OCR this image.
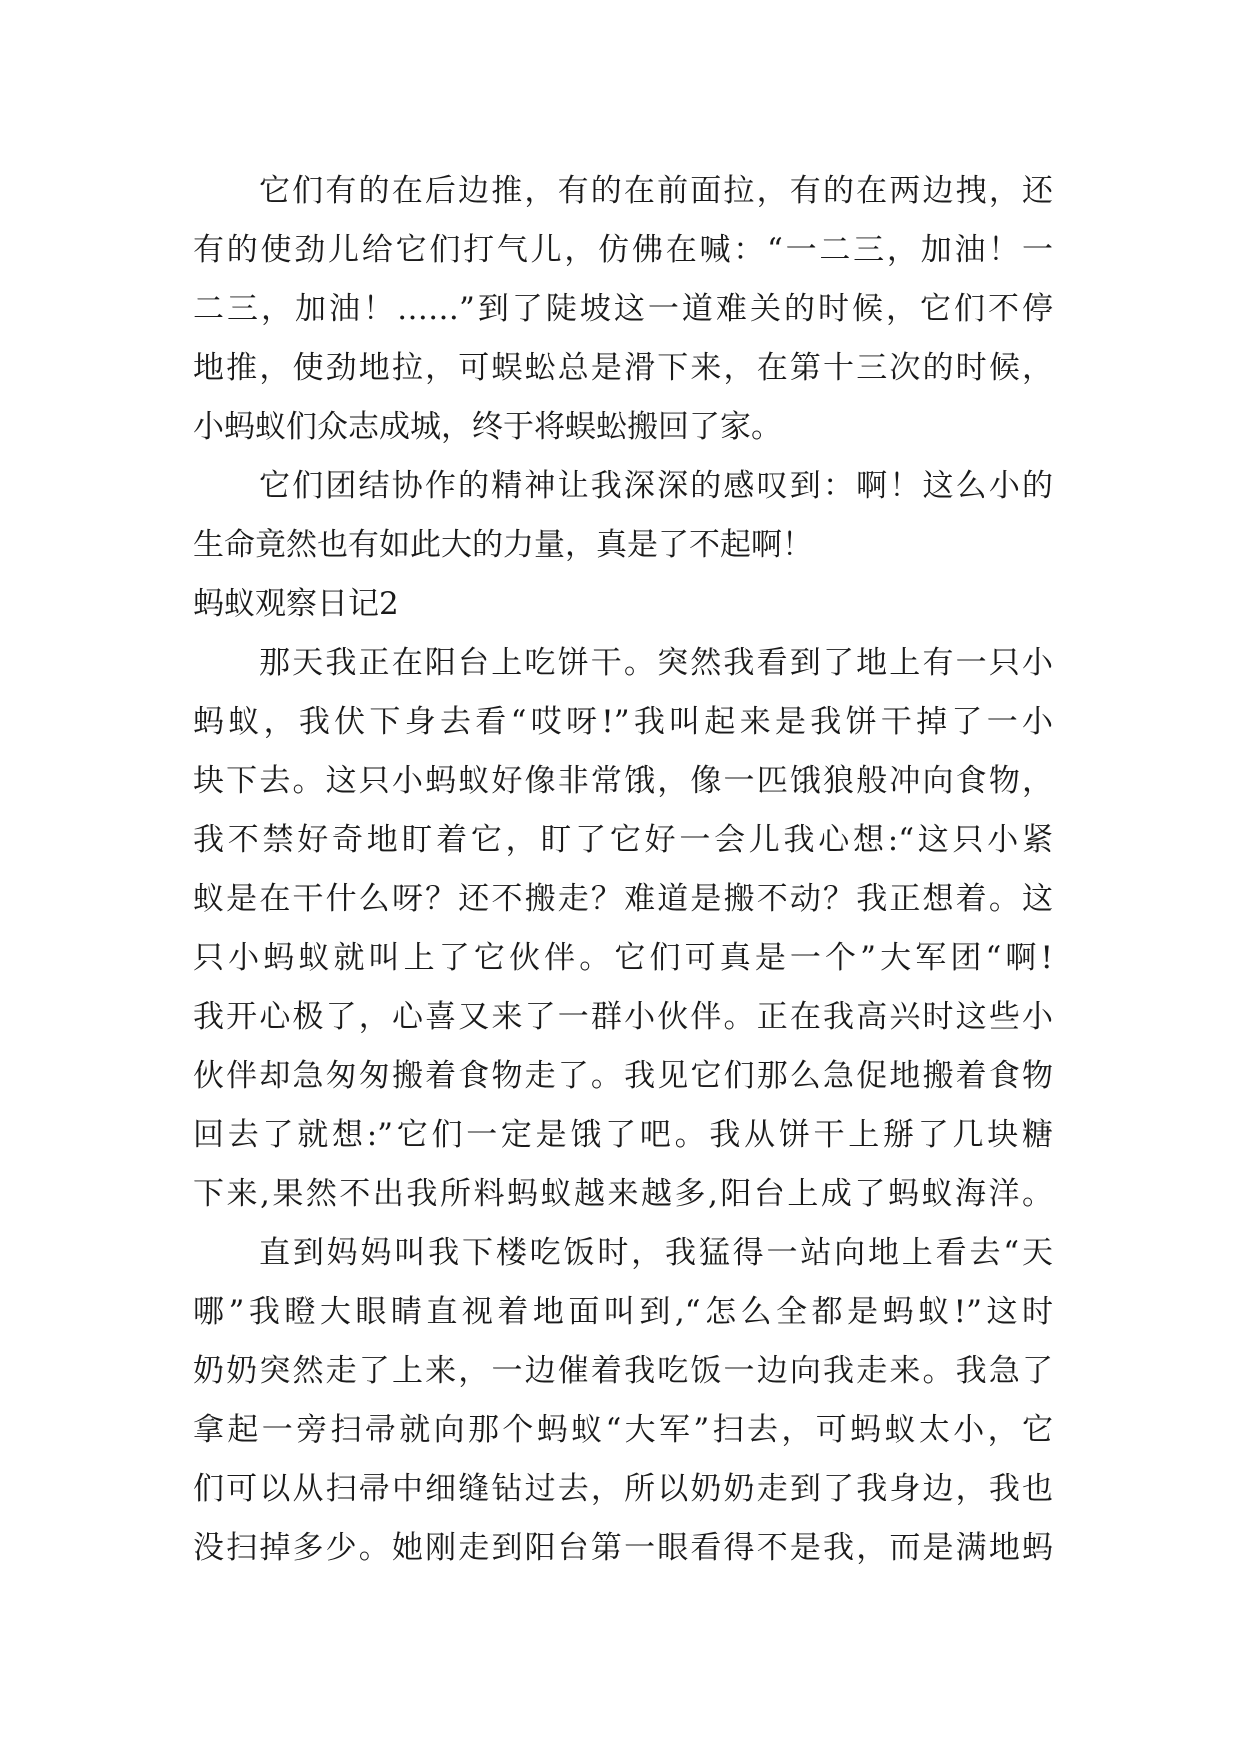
它们有的在后边推，有的在前面拉，有的在两边拽，还
有的使劲儿给它们打气儿，仿佛在喊：“一二三，加油！一
二三，加油！……”到了陡坡这一道难关的时候，它们不停
地推，使劲地拉，可蜈蚣总是滑下来，在第十三次的时候，
小蚂蚁们众志成城，终于将蜈蚣搬回了家。
它们团结协作的精神让我深深的感叹到：啊！这么小的
生命竟然也有如此大的力量，真是了不起啊！
蚂蚁观察日记2
那天我正在阳台上吃饼干。突然我看到了地上有一只小
蚂蚁，我伏下身去看“哎呀!”我叫起来是我饼干掉了一小
块下去。这只小蚂蚁好像非常饿，像一匹饿狼般冲向食物，
我不禁好奇地盯着它，盯了它好一会儿我心想:“这只小紧
蚁是在干什么呀？还不搬走？难道是搬不动？我正想着。这
只小蚂蚁就叫上了它伙伴。它们可真是一个”大军团“啊!
我开心极了，心喜又来了一群小伙伴。正在我高兴时这些小
伙伴却急匆匆搬着食物走了。我见它们那么急促地搬着食物
回去了就想:”它们一定是饿了吧。我从饼干上掰了几块糖
下来,果然不出我所料蚂蚁越来越多,阳台上成了蚂蚁海洋。
直到妈妈叫我下楼吃饭时，我猛得一站向地上看去“天
哪”我瞪大眼睛直视着地面叫到,“怎么全都是蚂蚁!”这时
奶奶突然走了上来，一边催着我吃饭一边向我走来。我急了
拿起一旁扫帚就向那个蚂蚁“大军”扫去，可蚂蚁太小，它
们可以从扫帚中细缝钻过去，所以奶奶走到了我身边，我也
没扫掉多少。她刚走到阳台第一眼看得不是我，而是满地蚂
